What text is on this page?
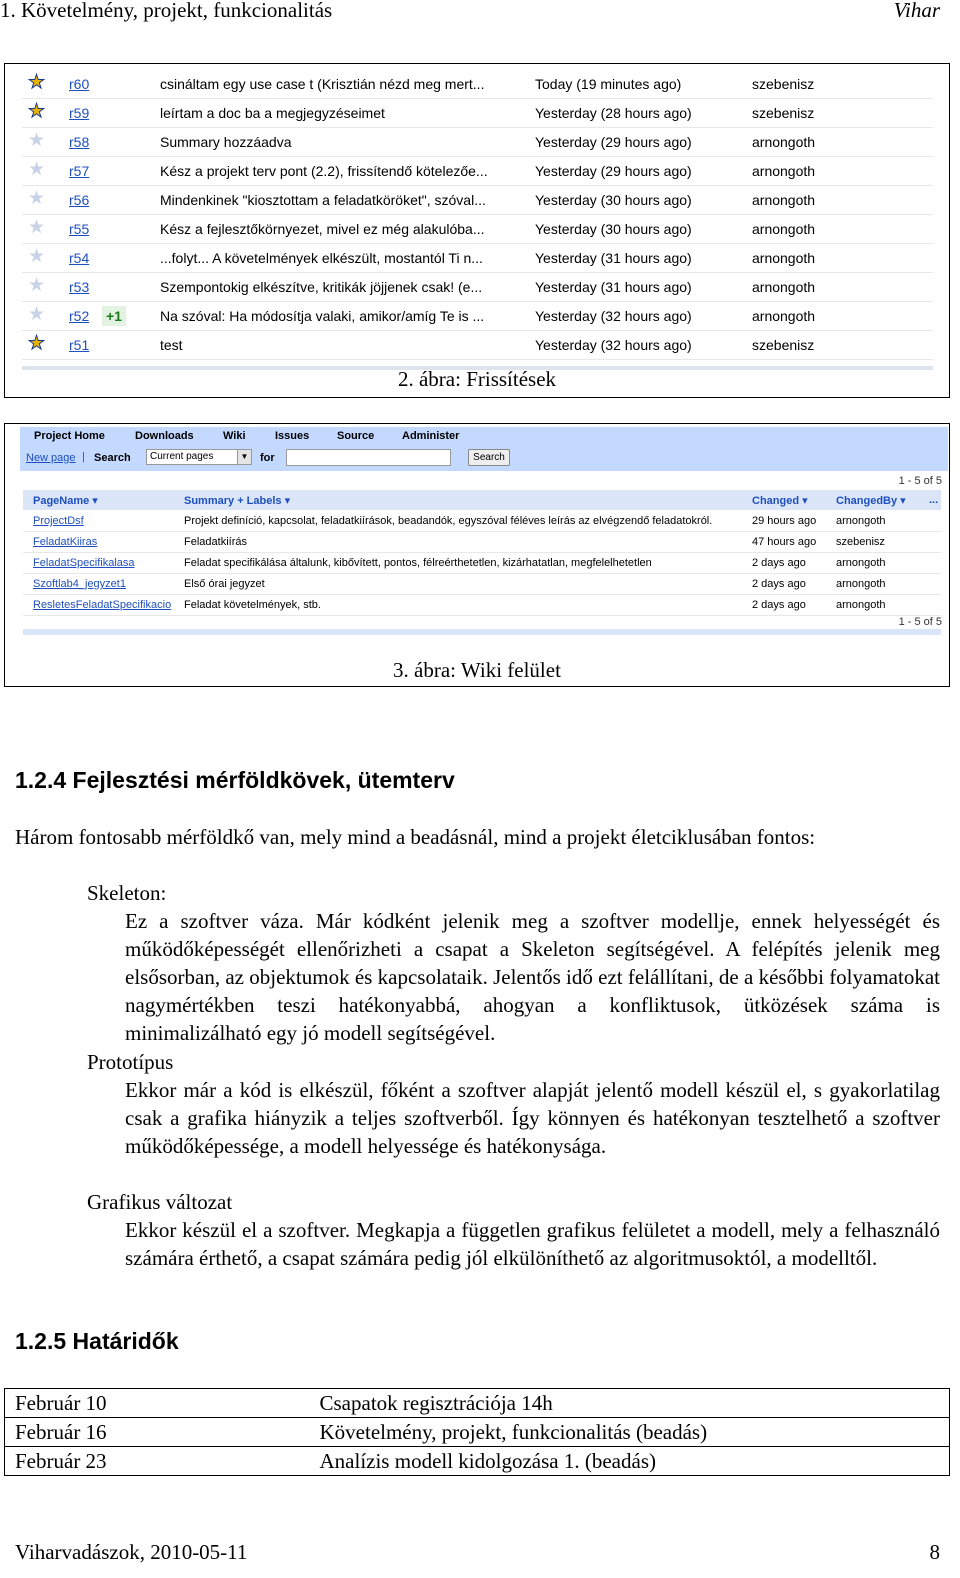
1. Követelmény, projekt, funkcionalitás	Vihar
★ r60	csináltam egy use case t (Krisztián nézd meg mert...	Today (19 minutes ago)	szebenisz
★ r59	leírtam a doc ba a megjegyzéseimet	Yesterday (28 hours ago)	szebenisz
★ r58	Summary hozzáadva	Yesterday (29 hours ago)	arnongoth
★ r57	Kész a projekt terv pont (2.2), frissítendő kötelezőe...	Yesterday (29 hours ago)	arnongoth
★ r56	Mindenkinek "kiosztottam a feladatköröket", szóval...	Yesterday (30 hours ago)	arnongoth
★ r55	Kész a fejlesztőkörnyezet, mivel ez még alakulóba...	Yesterday (30 hours ago)	arnongoth
★ r54	...folyt... A követelmények elkészült, mostantól Ti n...	Yesterday (31 hours ago)	arnongoth
★ r53	Szempontokig elkészítve, kritikák jöjjenek csak! (e...	Yesterday (31 hours ago)	arnongoth
★ r52 +1	Na szóval: Ha módosítja valaki, amikor/amíg Te is ...	Yesterday (32 hours ago)	arnongoth
★ r51	test	Yesterday (32 hours ago)	szebenisz
2. ábra: Frissítések
Project Home	Downloads	Wiki	Issues	Source	Administer
New page | Search	Current pages	▼ for	Search
1 - 5 of 5
PageName ▾	Summary + Labels ▾	Changed ▾	ChangedBy ▾ ...
ProjectDsf	Projekt definíció, kapcsolat, feladatkiírások, beadandók, egyszóval féléves leírás az elvégzendő feladatokról.	29 hours ago arnongoth
FeladatKiiras	Feladatkiírás	47 hours ago szebenisz
FeladatSpecifikalasa	Feladat specifikálása általunk, kibővített, pontos, félreérthetetlen, kizárhatatlan, megfelelhetetlen	2 days ago	arnongoth
Szoftlab4_jegyzet1	Első órai jegyzet	2 days ago	arnongoth
ResletesFeladatSpecifikacio	Feladat követelmények, stb.	2 days ago	arnongoth
1 - 5 of 5
3. ábra: Wiki felület
1.2.4 Fejlesztési mérföldkövek, ütemterv
Három fontosabb mérföldkő van, mely mind a beadásnál, mind a projekt életciklusában fontos:
Skeleton:
Ez a szoftver váza. Már kódként jelenik meg a szoftver modellje, ennek helyességét és működőképességét ellenőrizheti a csapat a Skeleton segítségével. A felépítés jelenik meg elsősorban, az objektumok és kapcsolataik. Jelentős idő ezt felállítani, de a későbbi folyamatokat nagymértékben teszi hatékonyabbá, ahogyan a konfliktusok, ütközések száma is minimalizálható egy jó modell segítségével.
Prototípus
Ekkor már a kód is elkészül, főként a szoftver alapját jelentő modell készül el, s gyakorlatilag csak a grafika hiányzik a teljes szoftverből. Így könnyen és hatékonyan tesztelhető a szoftver működőképessége, a modell helyessége és hatékonysága.
Grafikus változat
Ekkor készül el a szoftver. Megkapja a független grafikus felületet a modell, mely a felhasználó számára érthető, a csapat számára pedig jól elkülöníthető az algoritmusoktól, a modelltől.
1.2.5 Határidők
Február 10	Csapatok regisztrációja 14h
Február 16	Követelmény, projekt, funkcionalitás (beadás)
Február 23	Analízis modell kidolgozása 1. (beadás)
Viharvadászok, 2010-05-11	8
